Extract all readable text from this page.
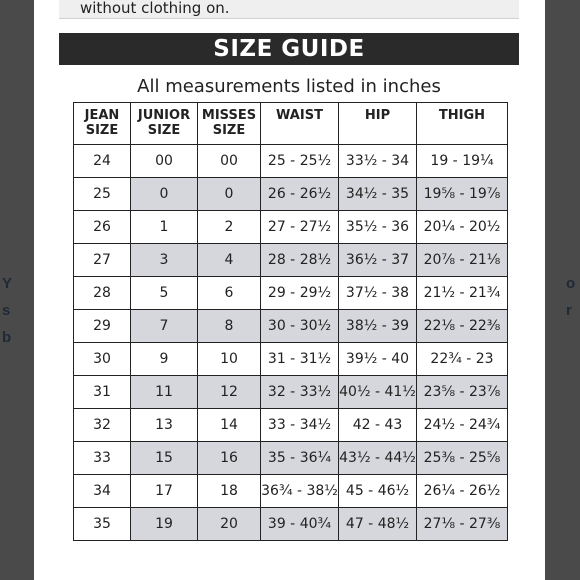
Y
s
b
o
r
without clothing on.
SIZE GUIDE
All measurements listed in inches
JEAN SIZE	JUNIOR SIZE	MISSES SIZE	WAIST	HIP	THIGH
24	00	00	25 - 25½	33½ - 34	19 - 19¼
25	0	0	26 - 26½	34½ - 35	19⅝ - 19⅞
26	1	2	27 - 27½	35½ - 36	20¼ - 20½
27	3	4	28 - 28½	36½ - 37	20⅞ - 21⅛
28	5	6	29 - 29½	37½ - 38	21½ - 21¾
29	7	8	30 - 30½	38½ - 39	22⅛ - 22⅜
30	9	10	31 - 31½	39½ - 40	22¾ - 23
31	11	12	32 - 33½	40½ - 41½	23⅝ - 23⅞
32	13	14	33 - 34½	42 - 43	24½ - 24¾
33	15	16	35 - 36¼	43½ - 44½	25⅜ - 25⅝
34	17	18	36¾ - 38½	45 - 46½	26¼ - 26½
35	19	20	39 - 40¾	47 - 48½	27⅛ - 27⅜
